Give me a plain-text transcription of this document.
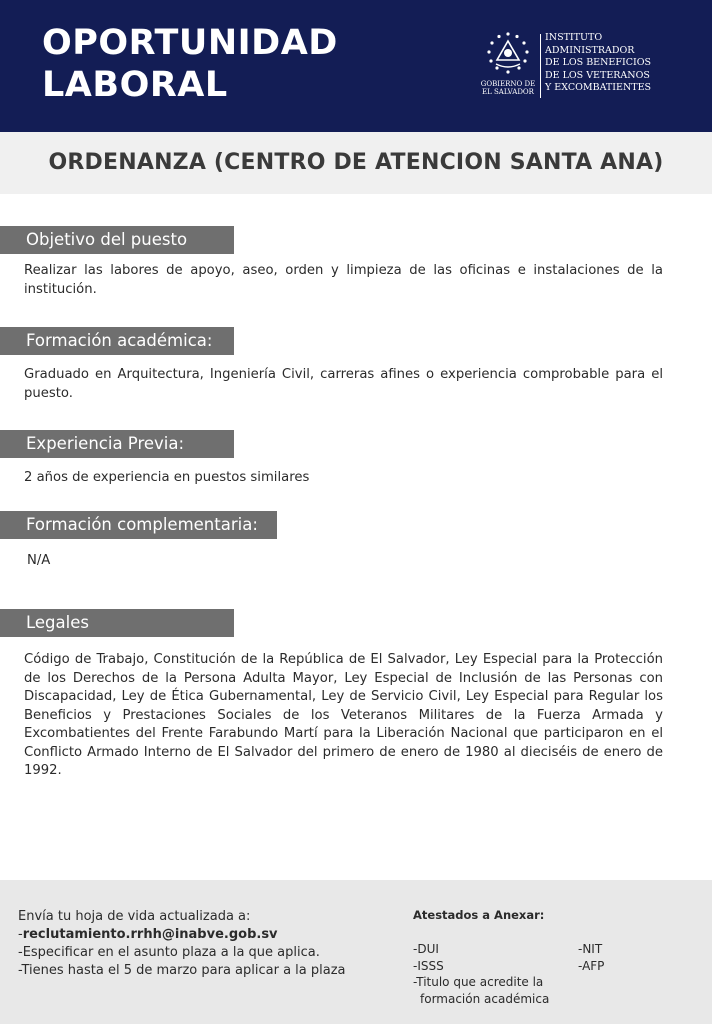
OPORTUNIDAD
LABORAL	GOBIERNO DE
EL SALVADOR
INSTITUTO
ADMINISTRADOR
DE LOS BENEFICIOS
DE LOS VETERANOS
Y EXCOMBATIENTES
ORDENANZA (CENTRO DE ATENCION SANTA ANA)
Objetivo del puesto
Realizar las labores de apoyo, aseo, orden y limpieza de las oficinas e instalaciones de la institución.
Formación académica:
Graduado en Arquitectura, Ingeniería Civil, carreras afines o experiencia comprobable para el puesto.
Experiencia Previa:
2 años de experiencia en puestos similares
Formación complementaria:
N/A
Legales
Código de Trabajo, Constitución de la República de El Salvador, Ley Especial para la Protección de los Derechos de la Persona Adulta Mayor, Ley Especial de Inclusión de las Personas con Discapacidad, Ley de Ética Gubernamental, Ley de Servicio Civil, Ley Especial para Regular los Beneficios y Prestaciones Sociales de los Veteranos Militares de la Fuerza Armada y Excombatientes del Frente Farabundo Martí para la Liberación Nacional que participaron en el Conflicto Armado Interno de El Salvador del primero de enero de 1980 al dieciséis de enero de 1992.
Envía tu hoja de vida actualizada a:
-reclutamiento.rrhh@inabve.gob.sv
-Especificar en el asunto plaza a la que aplica.
-Tienes hasta el 5 de marzo para aplicar a la plaza
Atestados a Anexar:
-DUI
-ISSS
-Titulo que acredite la
formación académica
-NIT
-AFP
